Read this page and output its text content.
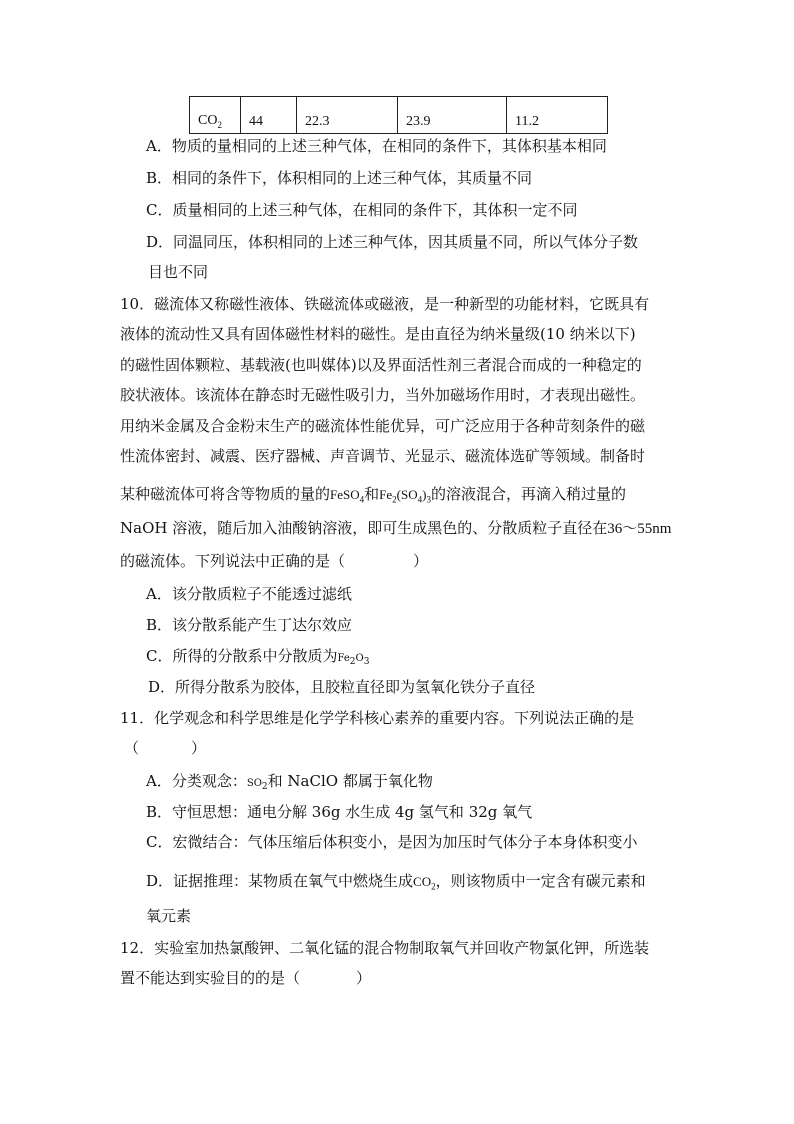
$CO_2$	44	22.3	23.9	11.2
A．物质的量相同的上述三种气体，在相同的条件下，其体积基本相同
B．相同的条件下，体积相同的上述三种气体，其质量不同
C．质量相同的上述三种气体，在相同的条件下，其体积一定不同
D．同温同压，体积相同的上述三种气体，因其质量不同，所以气体分子数
目也不同
10．磁流体又称磁性液体、铁磁流体或磁液，是一种新型的功能材料，它既具有
液体的流动性又具有固体磁性材料的磁性。是由直径为纳米量级(10 纳米以下)
的磁性固体颗粒、基载液(也叫媒体)以及界面活性剂三者混合而成的一种稳定的
胶状液体。该流体在静态时无磁性吸引力，当外加磁场作用时，才表现出磁性。
用纳米金属及合金粉末生产的磁流体性能优异，可广泛应用于各种苛刻条件的磁
性流体密封、减震、医疗器械、声音调节、光显示、磁流体选矿等领域。制备时
某种磁流体可将含等物质的量的FeSO$_4$和$Fe_2(SO_4)_3$的溶液混合，再滴入稍过量的
NaOH 溶液，随后加入油酸钠溶液，即可生成黑色的、分散质粒子直径在36～55nm
的磁流体。下列说法中正确的是（	）
A．该分散质粒子不能透过滤纸
B．该分散系能产生丁达尔效应
C．所得的分散系中分散质为$Fe_2O_3$
D．所得分散系为胶体，且胶粒直径即为氢氧化铁分子直径
11．化学观念和科学思维是化学学科核心素养的重要内容。下列说法正确的是
（	）
A．分类观念：$SO_2$和 NaClO 都属于氧化物
B．守恒思想：通电分解 36g 水生成 4g 氢气和 32g 氧气
C．宏微结合：气体压缩后体积变小，是因为加压时气体分子本身体积变小
D．证据推理：某物质在氧气中燃烧生成$CO_2$，则该物质中一定含有碳元素和
氧元素
12．实验室加热氯酸钾、二氧化锰的混合物制取氧气并回收产物氯化钾，所选装
置不能达到实验目的的是（	）
